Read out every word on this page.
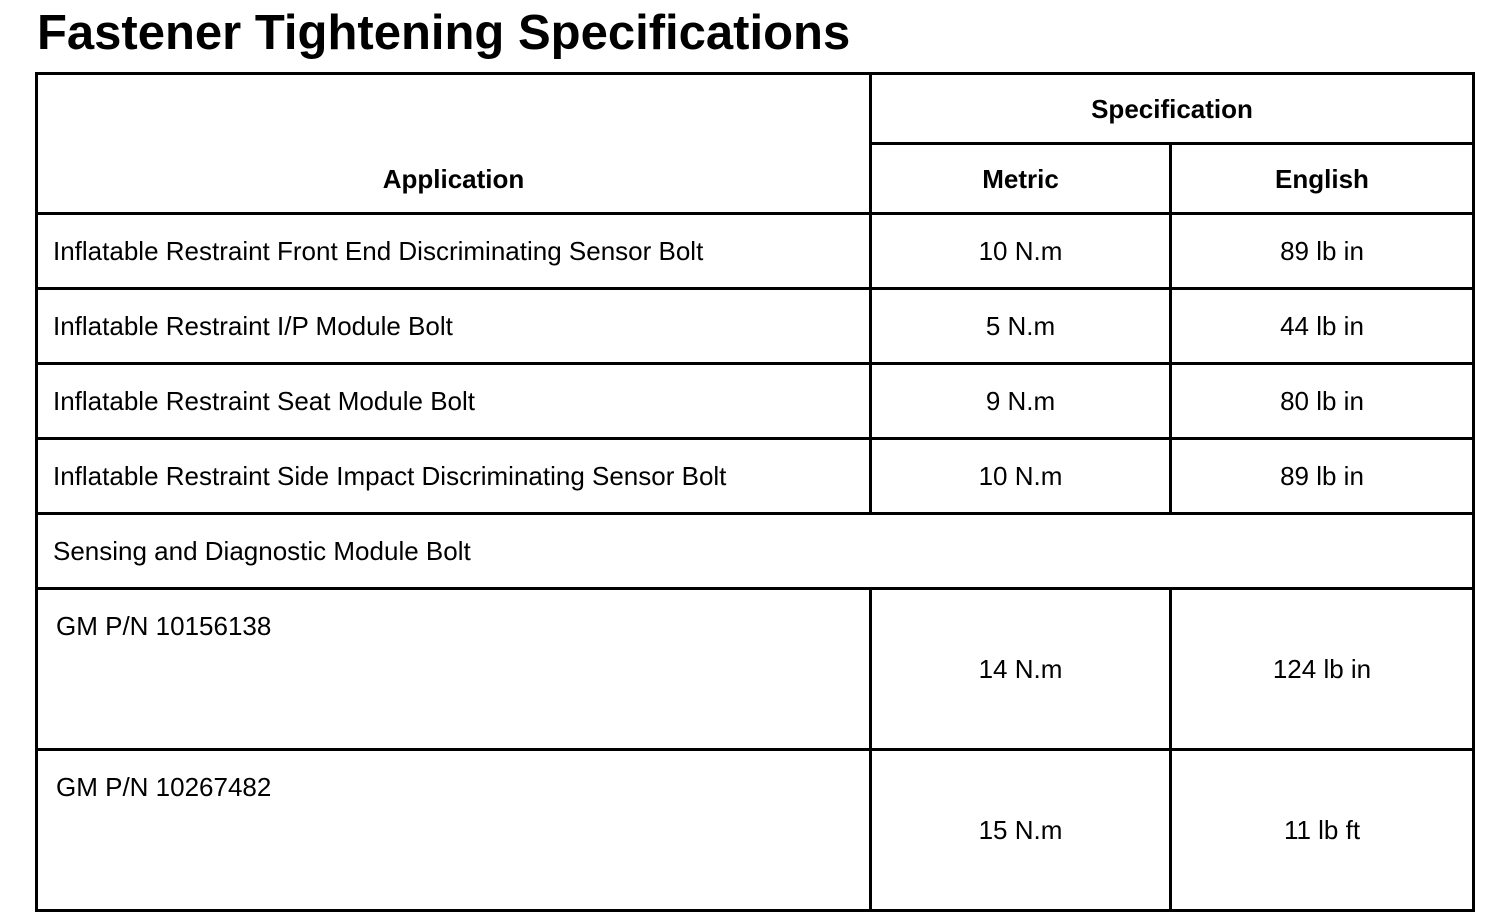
Fastener Tightening Specifications
Application	Specification	
	Metric	English
Inflatable Restraint Front End Discriminating Sensor Bolt	10 N.m	89 lb in
Inflatable Restraint I/P Module Bolt	5 N.m	44 lb in
Inflatable Restraint Seat Module Bolt	9 N.m	80 lb in
Inflatable Restraint Side Impact Discriminating Sensor Bolt	10 N.m	89 lb in
Sensing and Diagnostic Module Bolt		
GM P/N 10156138	14 N.m	124 lb in
GM P/N 10267482	15 N.m	11 lb ft
